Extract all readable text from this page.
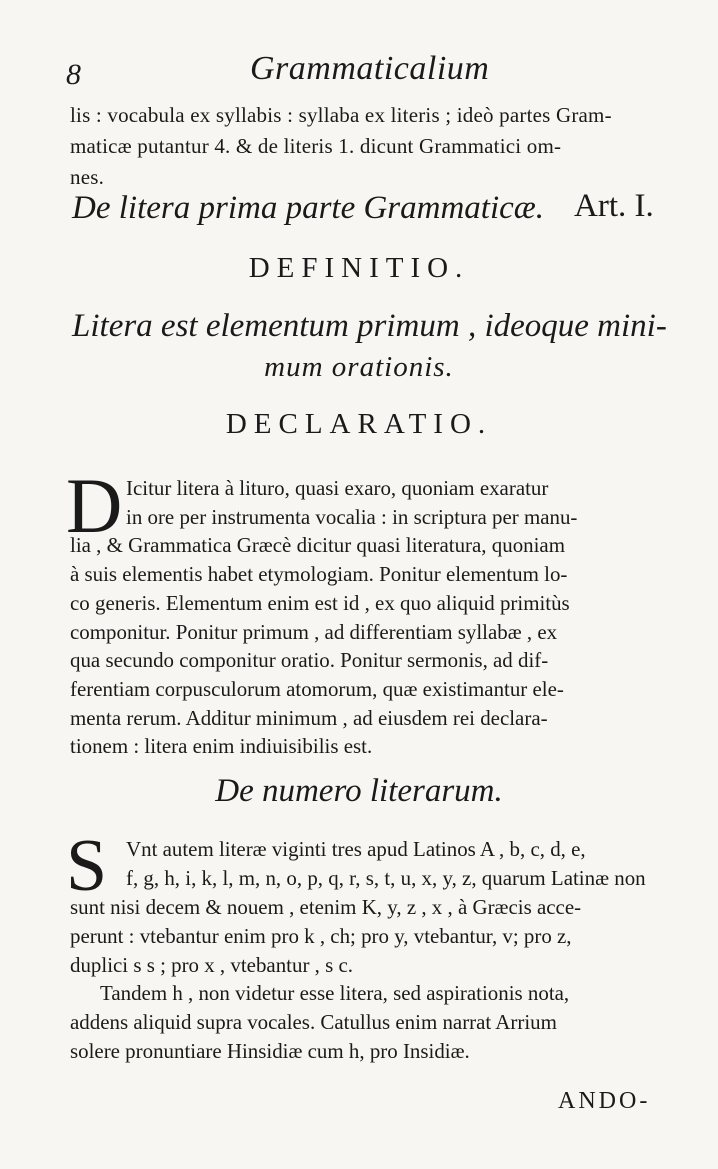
8	Grammaticalium
lis : vocabula ex syllabis : syllaba ex literis ; ideò partes Gram-
maticæ putantur 4. & de literis 1. dicunt Grammatici om-
nes.
De litera prima parte Grammaticæ. Art. I.
DEFINITIO.
Litera est elementum primum , ideoque mini-
mum orationis.
DECLARATIO.
D Icitur litera à lituro, quasi exaro, quoniam exaratur
in ore per instrumenta vocalia : in scriptura per manu-
lia , & Grammatica Græcè dicitur quasi literatura, quoniam
à suis elementis habet etymologiam. Ponitur elementum lo-
co generis. Elementum enim est id , ex quo aliquid primitùs
componitur. Ponitur primum , ad differentiam syllabæ , ex
qua secundo componitur oratio. Ponitur sermonis, ad dif-
ferentiam corpusculorum atomorum, quæ existimantur ele-
menta rerum. Additur minimum , ad eiusdem rei declara-
tionem : litera enim indiuisibilis est.
De numero literarum.
S Vnt autem literæ viginti tres apud Latinos A , b, c, d, e,
f, g, h, i, k, l, m, n, o, p, q, r, s, t, u, x, y, z, quarum Latinæ non
sunt nisi decem & nouem , etenim K, y, z , x , à Græcis acce-
perunt : vtebantur enim pro k , ch; pro y, vtebantur, v; pro z,
duplici s s ; pro x , vtebantur , s c.
Tandem h , non videtur esse litera, sed aspirationis nota,
addens aliquid supra vocales. Catullus enim narrat Arrium
solere pronuntiare Hinsidiæ cum h, pro Insidiæ.
ANDO-
